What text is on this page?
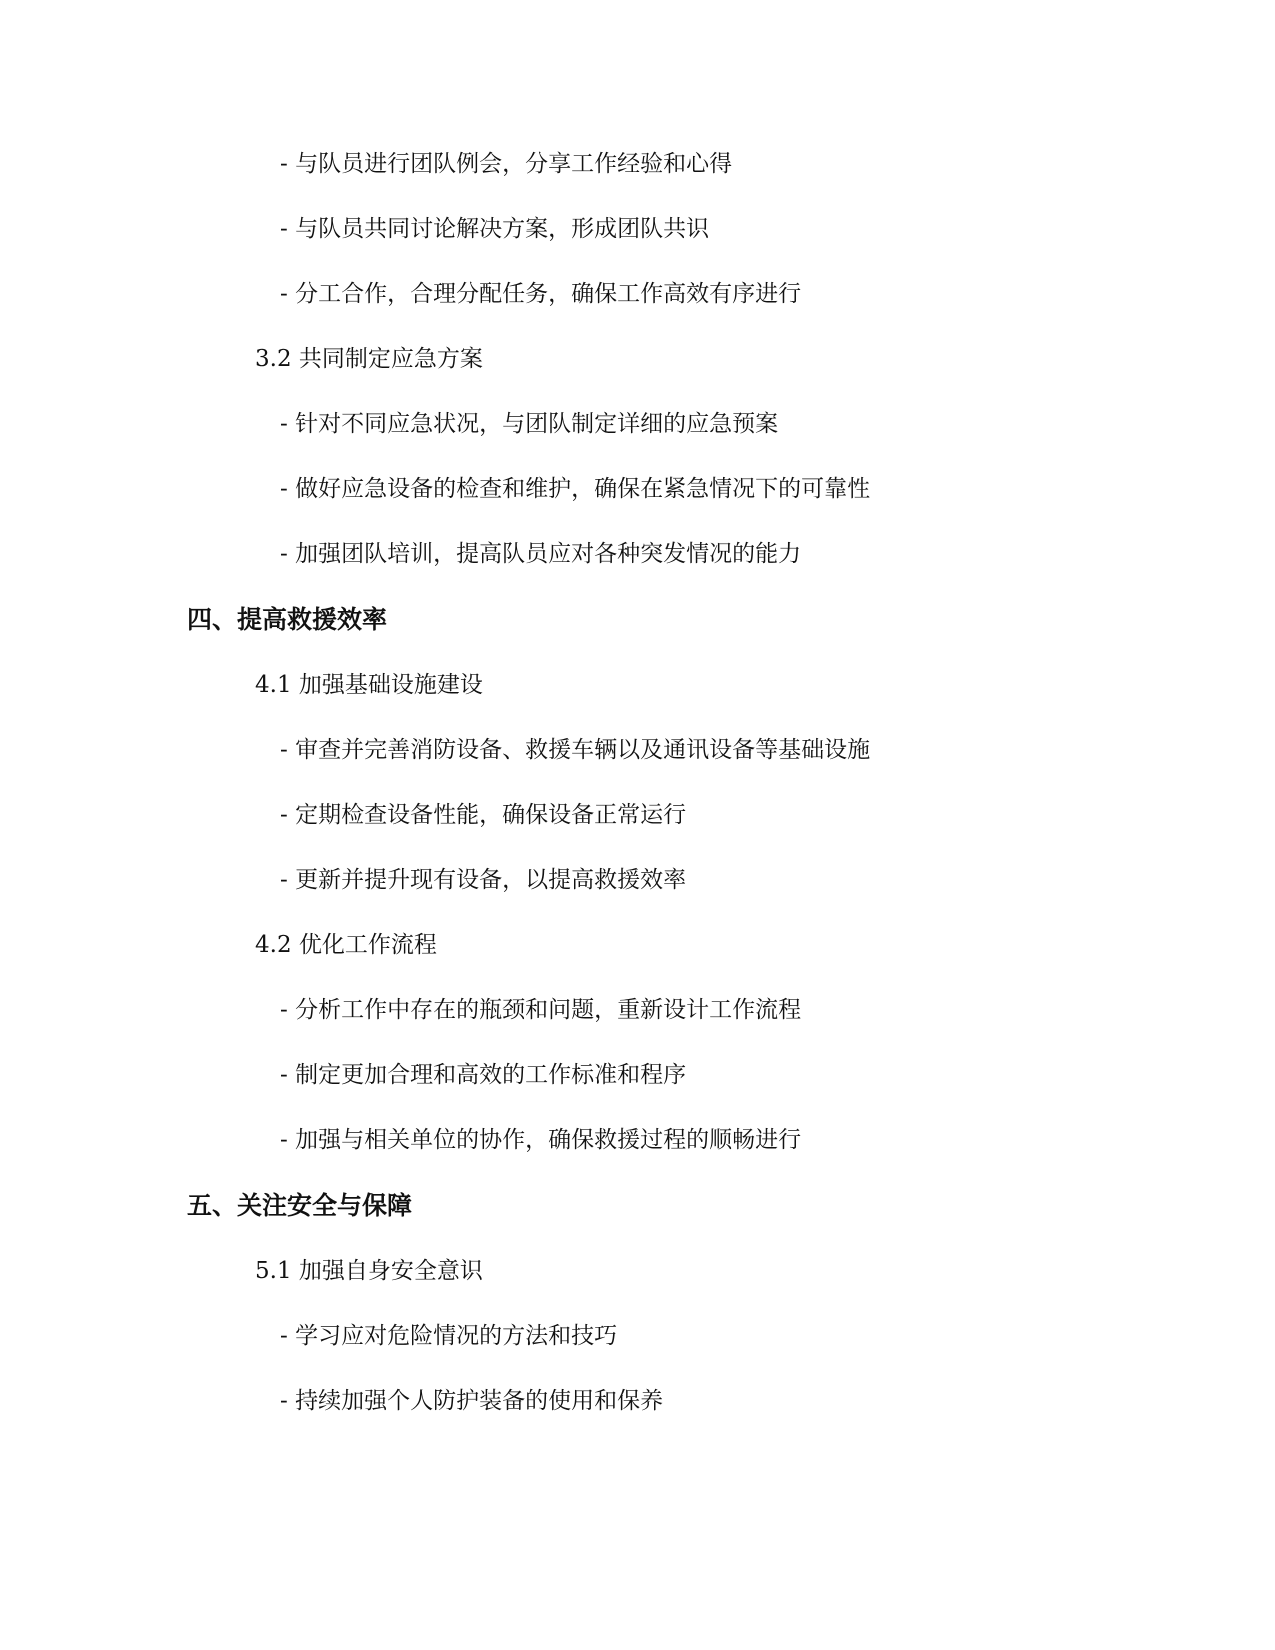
- 与队员进行团队例会，分享工作经验和心得
- 与队员共同讨论解决方案，形成团队共识
- 分工合作，合理分配任务，确保工作高效有序进行
3.2 共同制定应急方案
- 针对不同应急状况，与团队制定详细的应急预案
- 做好应急设备的检查和维护，确保在紧急情况下的可靠性
- 加强团队培训，提高队员应对各种突发情况的能力
四、提高救援效率
4.1 加强基础设施建设
- 审查并完善消防设备、救援车辆以及通讯设备等基础设施
- 定期检查设备性能，确保设备正常运行
- 更新并提升现有设备，以提高救援效率
4.2 优化工作流程
- 分析工作中存在的瓶颈和问题，重新设计工作流程
- 制定更加合理和高效的工作标准和程序
- 加强与相关单位的协作，确保救援过程的顺畅进行
五、关注安全与保障
5.1 加强自身安全意识
- 学习应对危险情况的方法和技巧
- 持续加强个人防护装备的使用和保养
